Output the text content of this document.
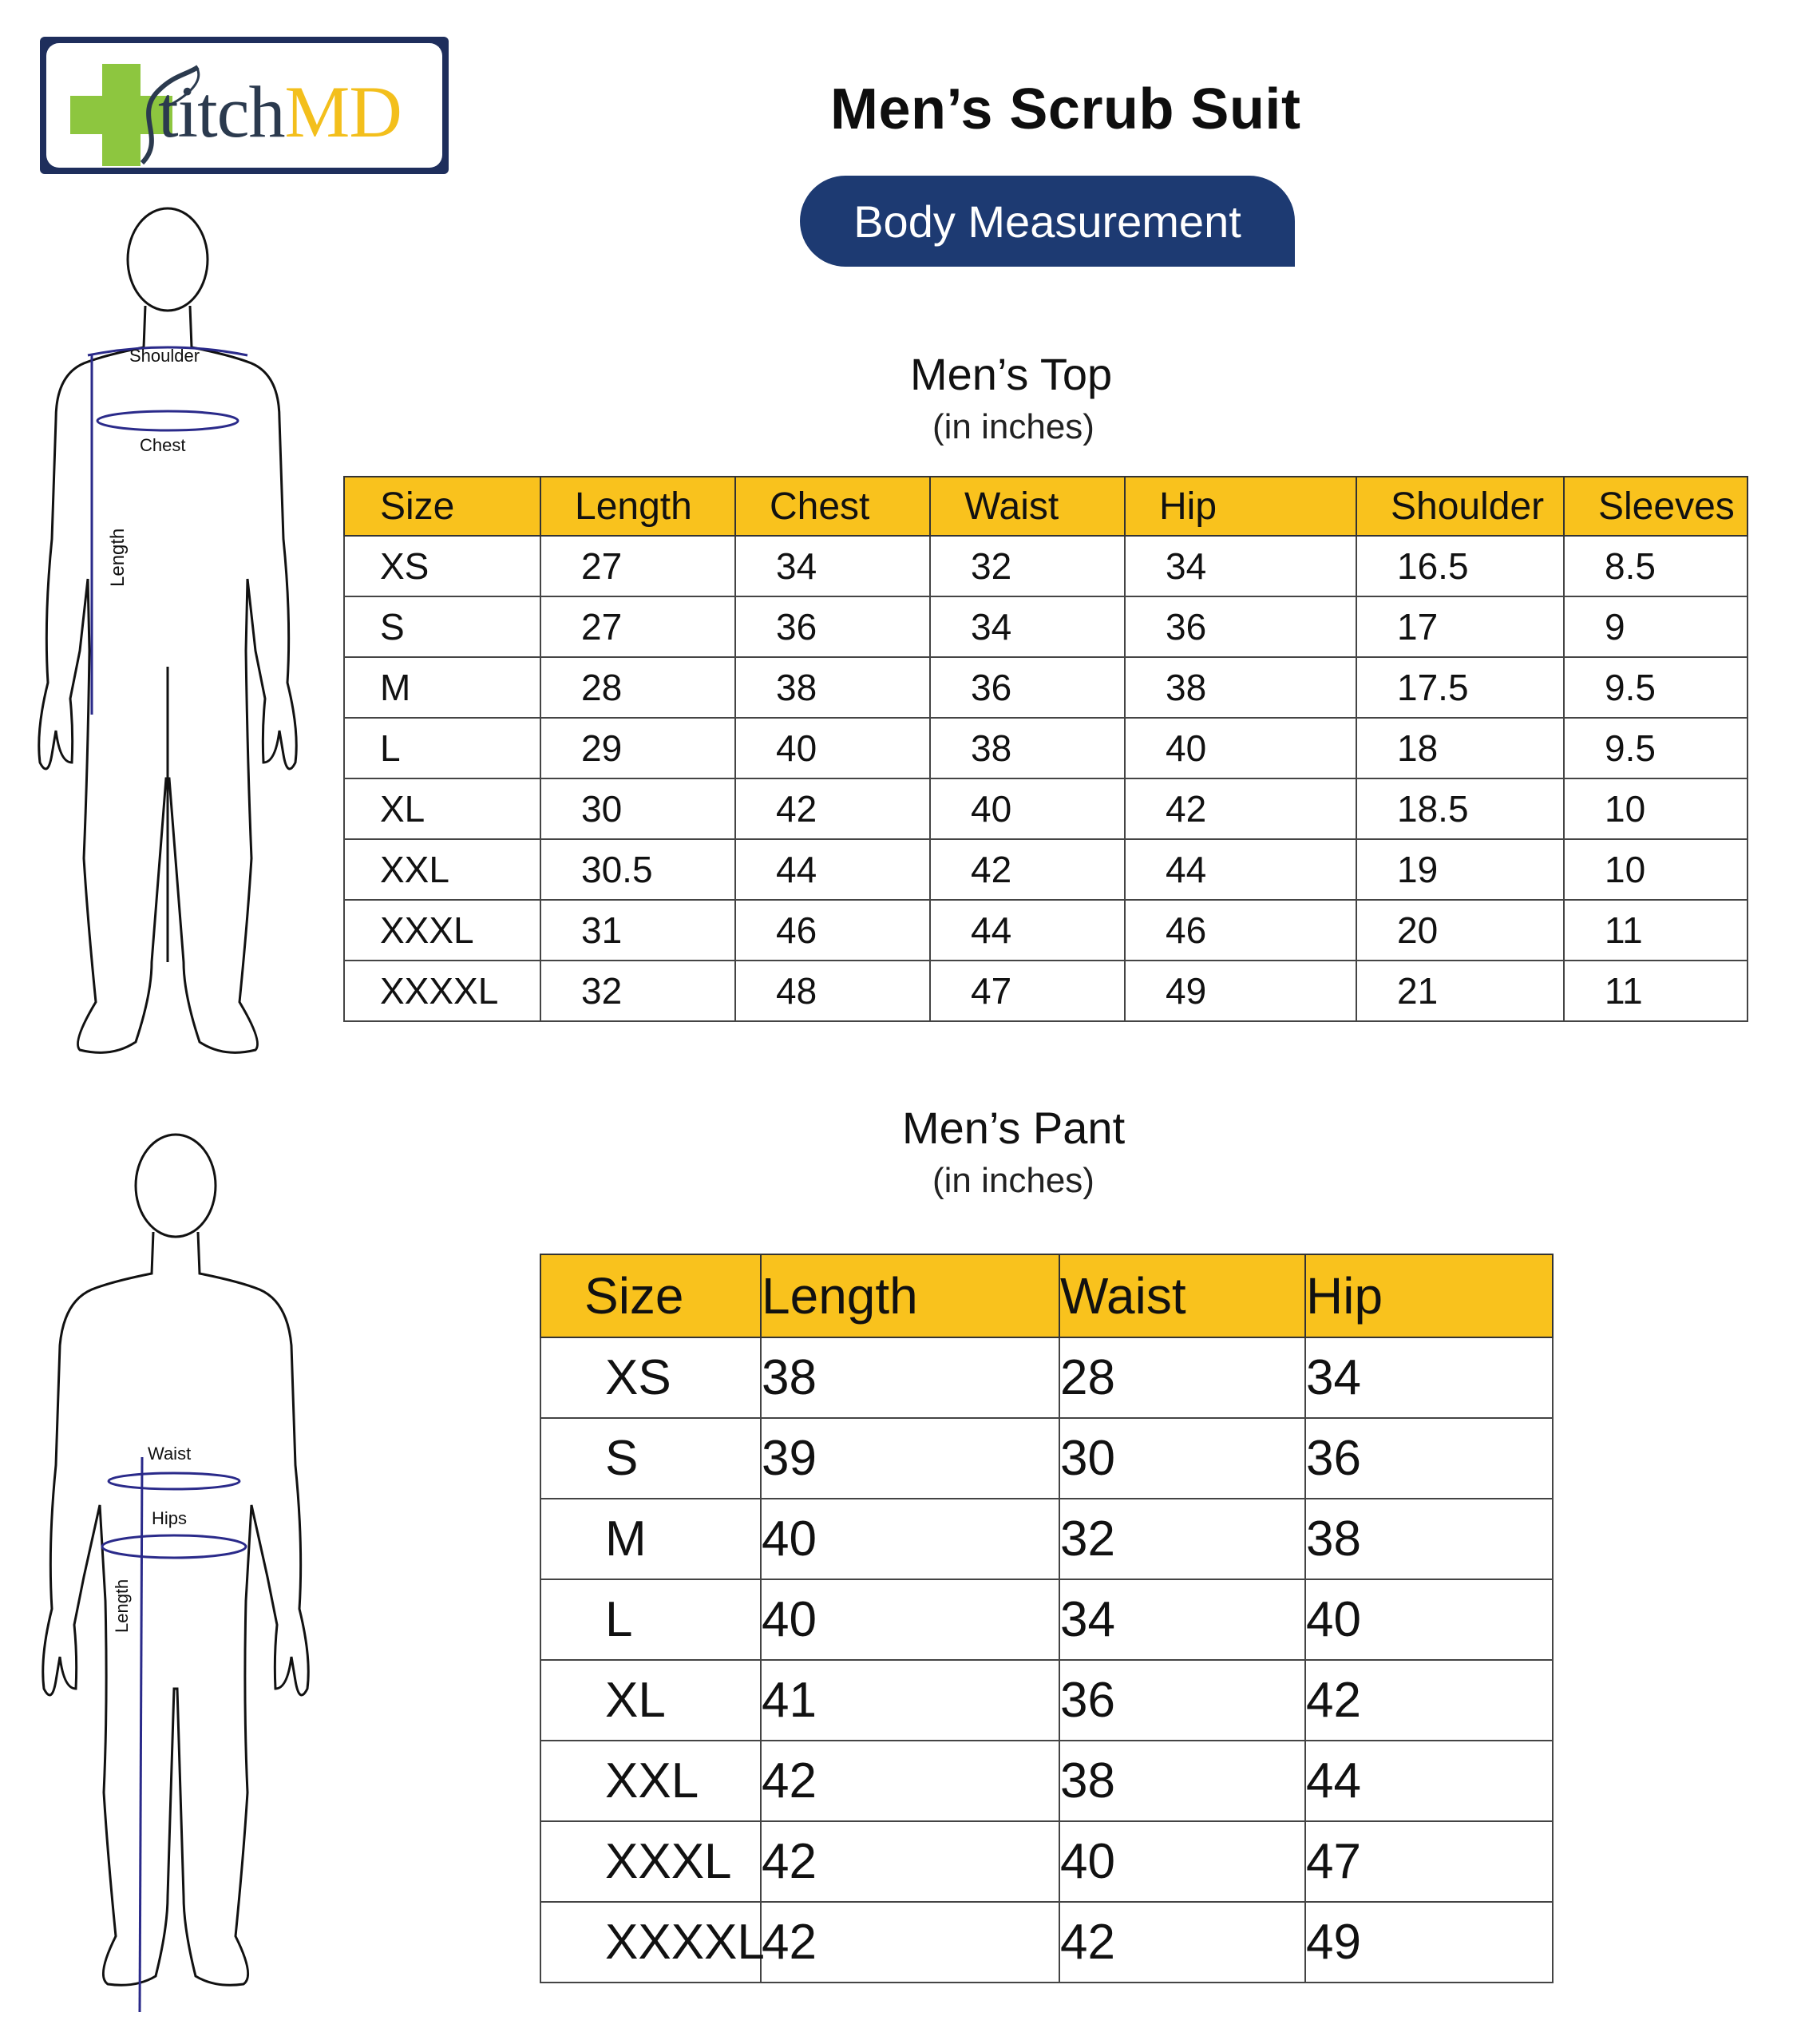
titchMD	Men’s Scrub Suit
Body Measurement
Men’s Top
(in inches)
Men’s Pant
(in inches)
Shoulder
Chest
Length
Waist
Hips
Length
Size	Length	Chest	Waist	Hip	Shoulder	Sleeves
XS	27	34	32	34	16.5	8.5
S	27	36	34	36	17	9
M	28	38	36	38	17.5	9.5
L	29	40	38	40	18	9.5
XL	30	42	40	42	18.5	10
XXL	30.5	44	42	44	19	10
XXXL	31	46	44	46	20	11
XXXXL	32	48	47	49	21	11
Size	Length	Waist	Hip
XS	38	28	34
S	39	30	36
M	40	32	38
L	40	34	40
XL	41	36	42
XXL	42	38	44
XXXL	42	40	47
XXXXL	42	42	49
